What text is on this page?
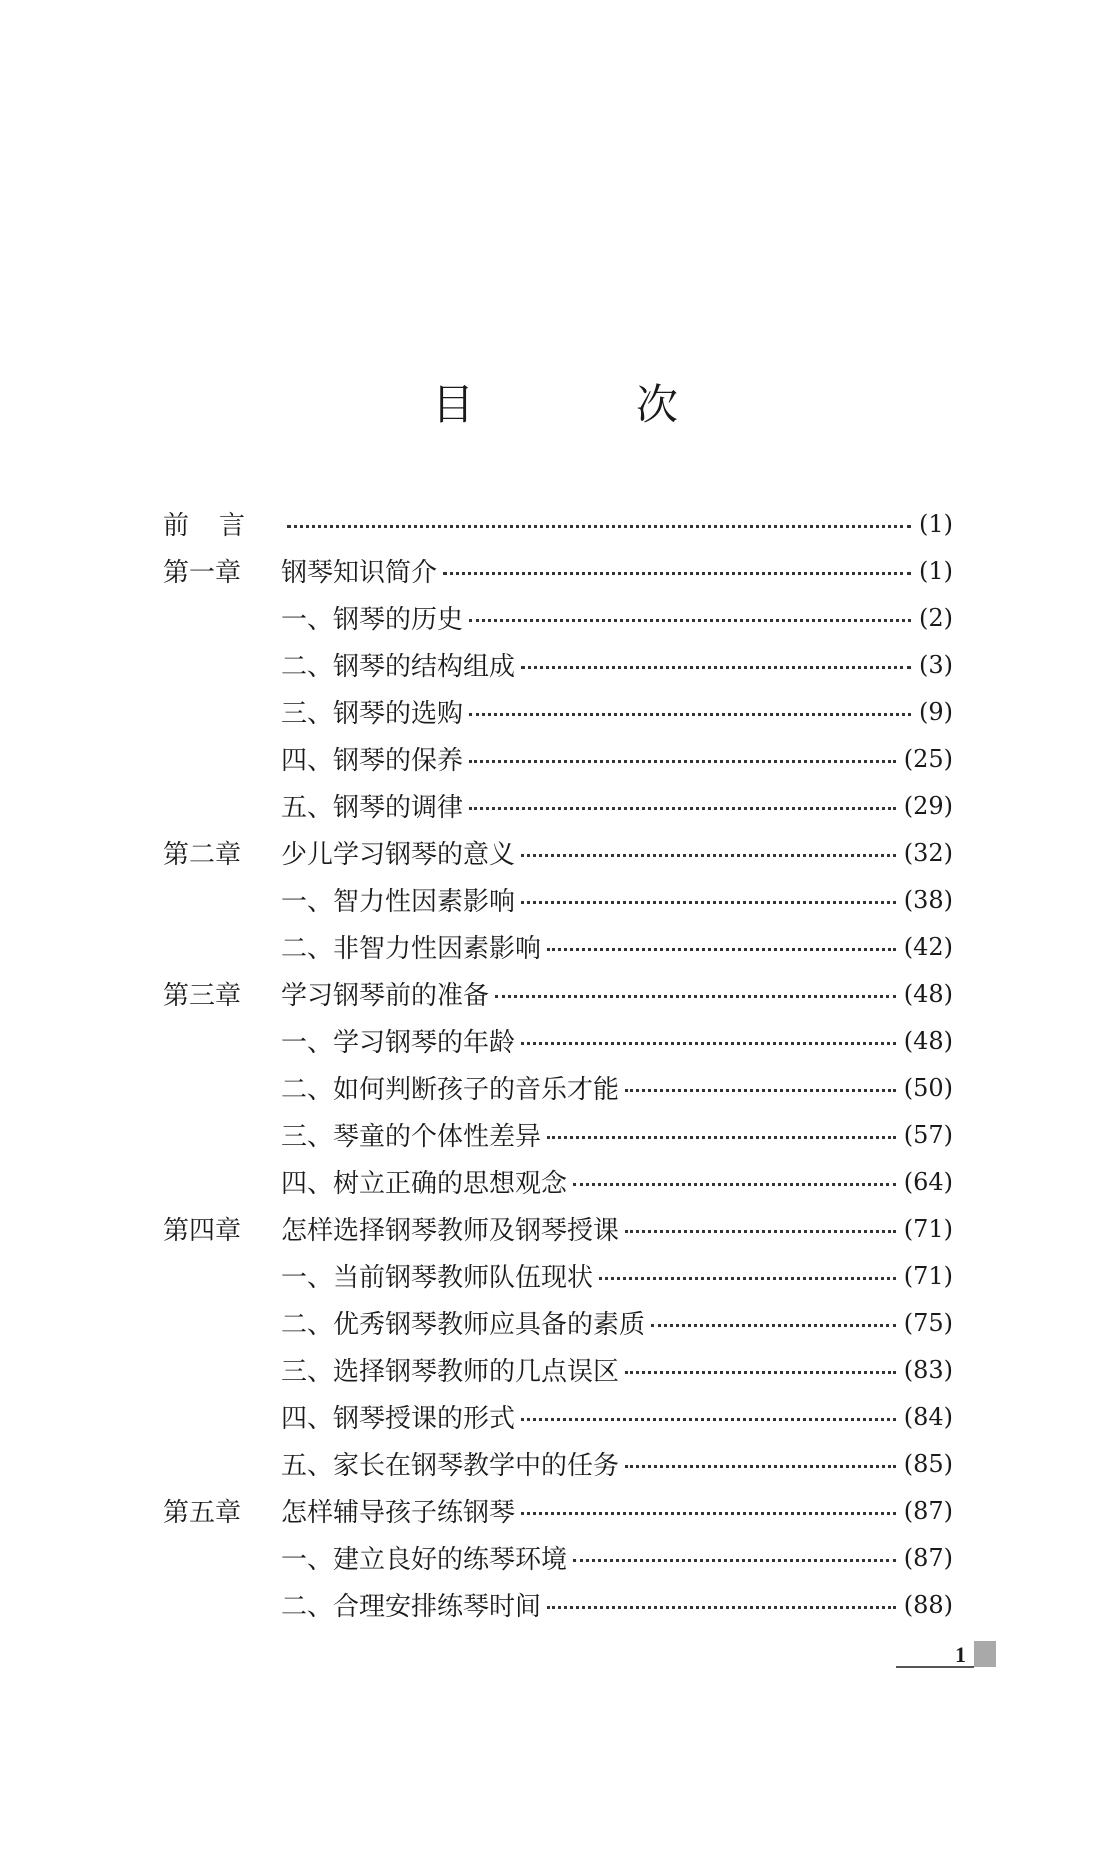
目　次
前言	(1)
第一章 钢琴知识简介	(1)
一、钢琴的历史	(2)
二、钢琴的结构组成	(3)
三、钢琴的选购	(9)
四、钢琴的保养	(25)
五、钢琴的调律	(29)
第二章 少儿学习钢琴的意义	(32)
一、智力性因素影响	(38)
二、非智力性因素影响	(42)
第三章 学习钢琴前的准备	(48)
一、学习钢琴的年龄	(48)
二、如何判断孩子的音乐才能	(50)
三、琴童的个体性差异	(57)
四、树立正确的思想观念	(64)
第四章 怎样选择钢琴教师及钢琴授课	(71)
一、当前钢琴教师队伍现状	(71)
二、优秀钢琴教师应具备的素质	(75)
三、选择钢琴教师的几点误区	(83)
四、钢琴授课的形式	(84)
五、家长在钢琴教学中的任务	(85)
第五章 怎样辅导孩子练钢琴	(87)
一、建立良好的练琴环境	(87)
二、合理安排练琴时间	(88)
1
